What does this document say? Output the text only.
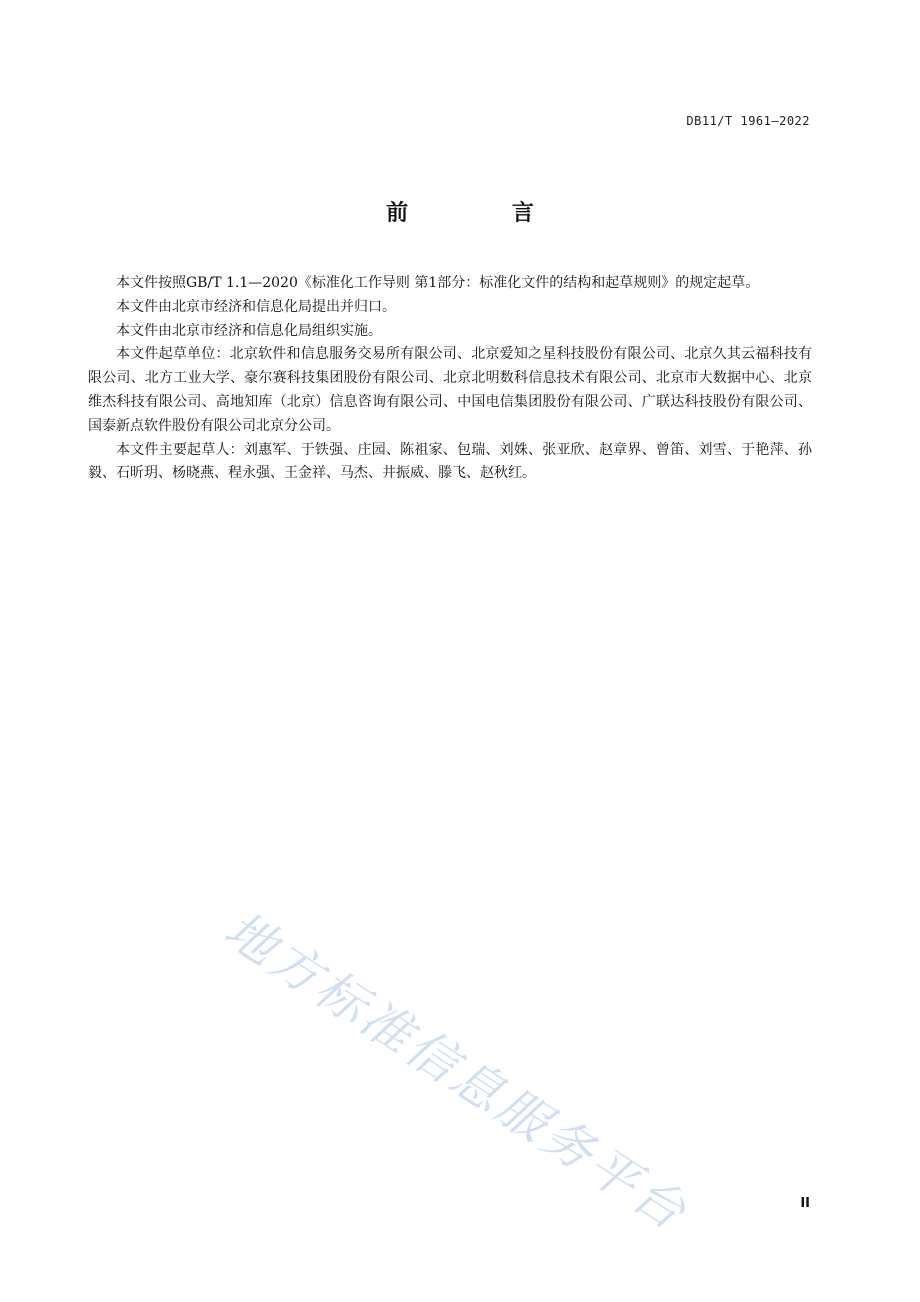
DB11/T 1961—2022
前 言

本文件按照GB/T 1.1—2020《标准化工作导则 第1部分：标准化文件的结构和起草规则》的规定起草。

本文件由北京市经济和信息化局提出并归口。

本文件由北京市经济和信息化局组织实施。

本文件起草单位：北京软件和信息服务交易所有限公司、北京爱知之星科技股份有限公司、北京久其云福科技有限公司、北方工业大学、豪尔赛科技集团股份有限公司、北京北明数科信息技术有限公司、北京市大数据中心、北京维杰科技有限公司、高地知库（北京）信息咨询有限公司、中国电信集团股份有限公司、广联达科技股份有限公司、国泰新点软件股份有限公司北京分公司。

本文件主要起草人：刘惠军、于铁强、庄园、陈祖家、包瑞、刘姝、张亚欣、赵章界、曾笛、刘雪、于艳萍、孙毅、石昕玥、杨晓燕、程永强、王金祥、马杰、井振威、滕飞、赵秋红。

地方标准信息服务平台	II
